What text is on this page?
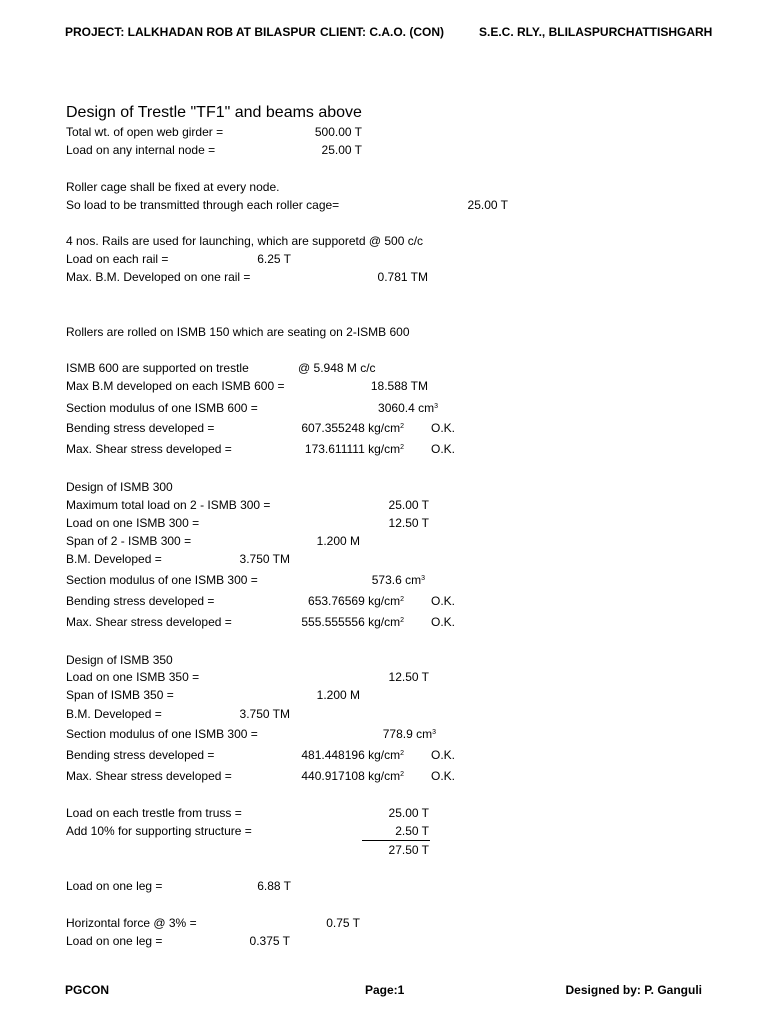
PROJECT: LALKHADAN ROB AT BILASPUR CLIENT: C.A.O. (CON)	S.E.C. RLY., BLILASPURCHATTISHGARH
Design of Trestle "TF1" and beams above
Total wt. of open web girder =	500.00 T
Load on any internal node =	25.00 T
Roller cage shall be fixed at every node.
So load to be transmitted through each roller cage=	25.00 T
4 nos. Rails are used for launching, which are supporetd @ 500 c/c
Load on each rail =	6.25 T
Max. B.M. Developed on one rail =	0.781 TM
Rollers are rolled on ISMB 150 which are seating on 2-ISMB 600
ISMB 600 are supported on trestle	@ 5.948 M c/c
Max B.M developed on each ISMB 600 =	18.588 TM
Section modulus of one ISMB 600 =	3060.4 $cm^3$
Bending stress developed =	607.355248 $kg/cm^2$ O.K.
Max. Shear stress developed =	173.611111 $kg/cm^2$ O.K.
Design of ISMB 300
Maximum total load on 2 - ISMB 300 =	25.00 T
Load on one ISMB 300 =	12.50 T
Span of 2 - ISMB 300 =	1.200 M
B.M. Developed =	3.750 TM
Section modulus of one ISMB 300 =	573.6 $cm^3$
Bending stress developed =	653.76569 $kg/cm^2$ O.K.
Max. Shear stress developed =	555.555556 $kg/cm^2$ O.K.
Design of ISMB 350
Load on one ISMB 350 =	12.50 T
Span of ISMB 350 =	1.200 M
B.M. Developed =	3.750 TM
Section modulus of one ISMB 300 =	778.9 $cm^3$
Bending stress developed =	481.448196 $kg/cm^2$ O.K.
Max. Shear stress developed =	440.917108 $kg/cm^2$ O.K.
Load on each trestle from truss =	25.00 T
Add 10% for supporting structure =	2.50 T
27.50 T
Load on one leg =	6.88 T
Horizontal force @ 3% =	0.75 T
Load on one leg =	0.375 T
PGCON	Page:1	Designed by: P. Ganguli
